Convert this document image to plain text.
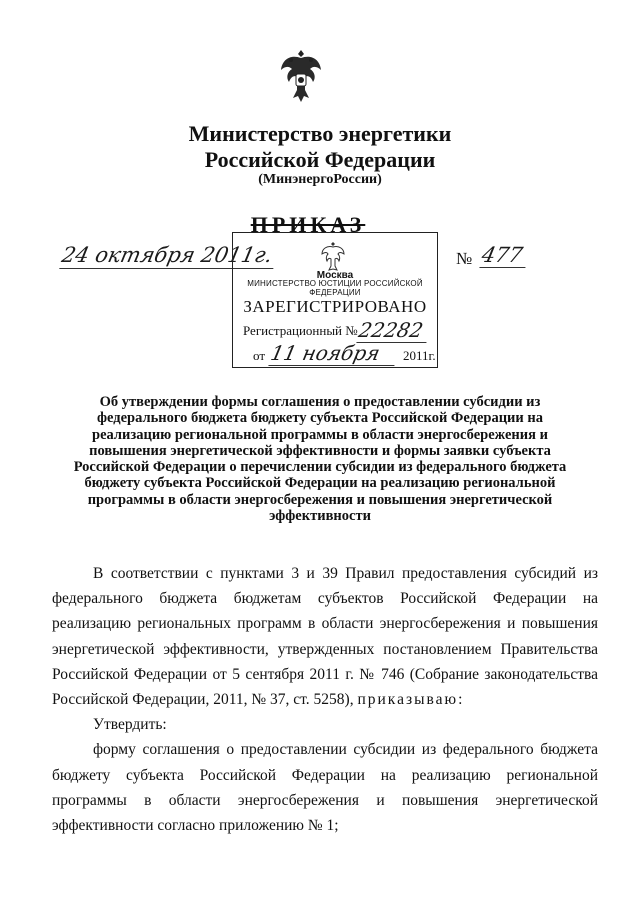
Министерство энергетики
Российской Федерации
(МинэнергоРоссии)
ПРИКАЗ
24 октября 2011г.	№ 477
МИНИСТЕРСТВО ЮСТИЦИИ РОССИЙСКОЙ ФЕДЕРАЦИИ
Москва
ЗАРЕГИСТРИРОВАНО
Регистрационный №
22282
от 11 ноября	2011г.
Об утверждении формы соглашения о предоставлении субсидии из федерального бюджета бюджету субъекта Российской Федерации на реализацию региональной программы в области энергосбережения и повышения энергетической эффективности и формы заявки субъекта Российской Федерации о перечислении субсидии из федерального бюджета бюджету субъекта Российской Федерации на реализацию региональной программы в области энергосбережения и повышения энергетической эффективности

В соответствии с пунктами 3 и 39 Правил предоставления субсидий из федерального бюджета бюджетам субъектов Российской Федерации на реализацию региональных программ в области энергосбережения и повышения энергетической эффективности, утвержденных постановлением Правительства Российской Федерации от 5 сентября 2011 г. № 746 (Собрание законодательства Российской Федерации, 2011, № 37, ст. 5258), приказываю:

Утвердить:

форму соглашения о предоставлении субсидии из федерального бюджета бюджету субъекта Российской Федерации на реализацию региональной программы в области энергосбережения и повышения энергетической эффективности согласно приложению № 1;
